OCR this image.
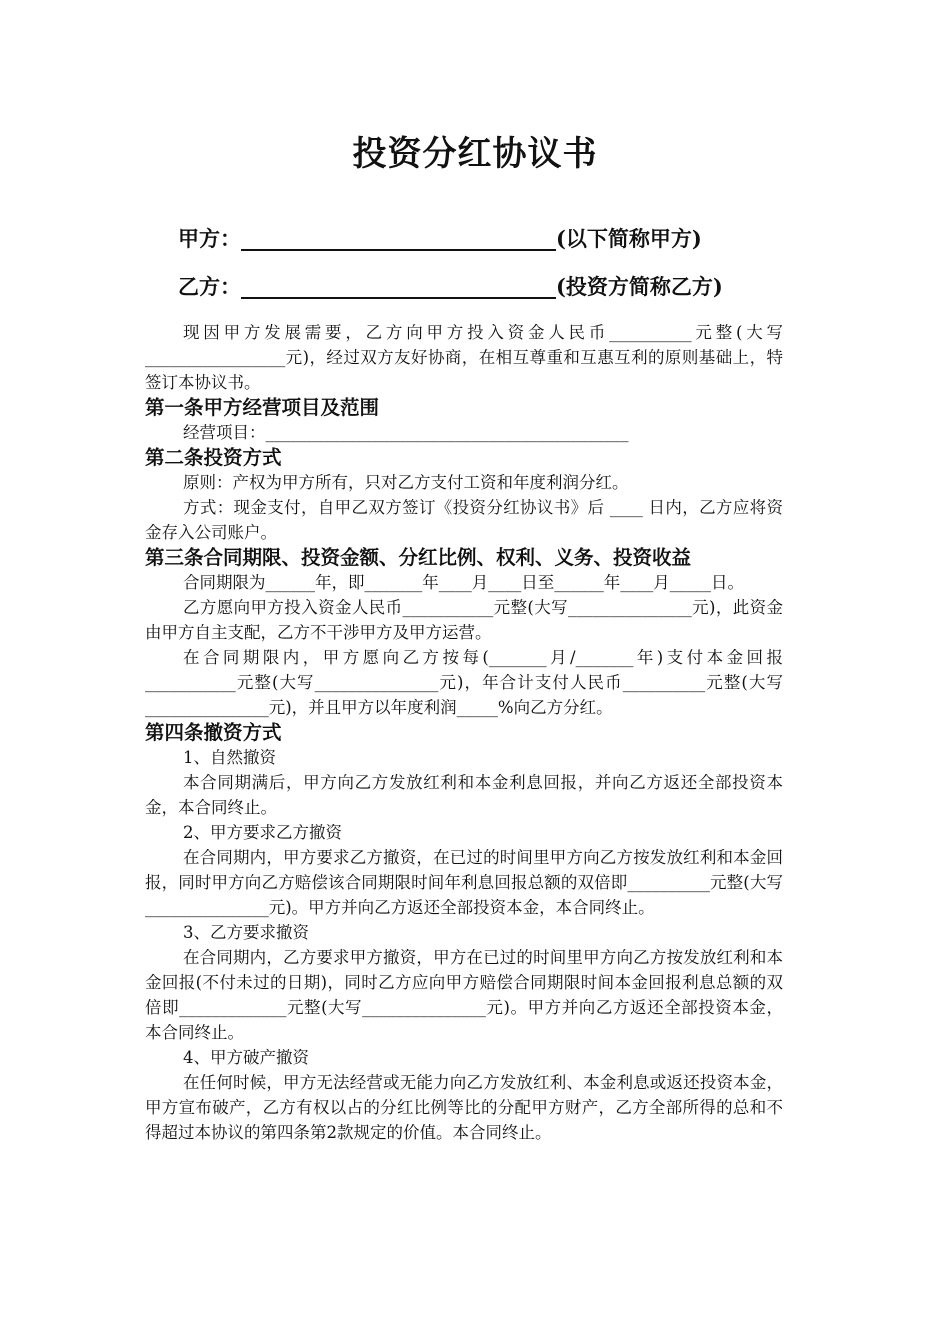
投资分红协议书
甲方：______________________________(以下简称甲方)
乙方：______________________________(投资方简称乙方)

现因甲方发展需要，乙方向甲方投入资金人民币__________元整(大写_________________元)，经过双方友好协商，在相互尊重和互惠互利的原则基础上，特签订本协议书。

第一条甲方经营项目及范围

经营项目：____________________________________________

第二条投资方式

原则：产权为甲方所有，只对乙方支付工资和年度利润分红。

方式：现金支付，自甲乙双方签订《投资分红协议书》后 ____ 日内，乙方应将资金存入公司账户。

第三条合同期限、投资金额、分红比例、权利、义务、投资收益

合同期限为______年，即_______年____月____日至______年____月_____日。

乙方愿向甲方投入资金人民币___________元整(大写_______________元)，此资金由甲方自主支配，乙方不干涉甲方及甲方运营。

在合同期限内，甲方愿向乙方按每(_______月/_______年)支付本金回报___________元整(大写_______________元)，年合计支付人民币__________元整(大写_______________元)，并且甲方以年度利润_____%向乙方分红。

第四条撤资方式

1、自然撤资

本合同期满后，甲方向乙方发放红利和本金利息回报，并向乙方返还全部投资本金，本合同终止。

2、甲方要求乙方撤资

在合同期内，甲方要求乙方撤资，在已过的时间里甲方向乙方按发放红利和本金回报，同时甲方向乙方赔偿该合同期限时间年利息回报总额的双倍即__________元整(大写_______________元)。甲方并向乙方返还全部投资本金，本合同终止。

3、乙方要求撤资

在合同期内，乙方要求甲方撤资，甲方在已过的时间里甲方向乙方按发放红利和本金回报(不付未过的日期)，同时乙方应向甲方赔偿合同期限时间本金回报利息总额的双倍即_____________元整(大写_______________元)。甲方并向乙方返还全部投资本金，本合同终止。

4、甲方破产撤资

在任何时候，甲方无法经营或无能力向乙方发放红利、本金利息或返还投资本金，甲方宣布破产，乙方有权以占的分红比例等比的分配甲方财产，乙方全部所得的总和不得超过本协议的第四条第2款规定的价值。本合同终止。
